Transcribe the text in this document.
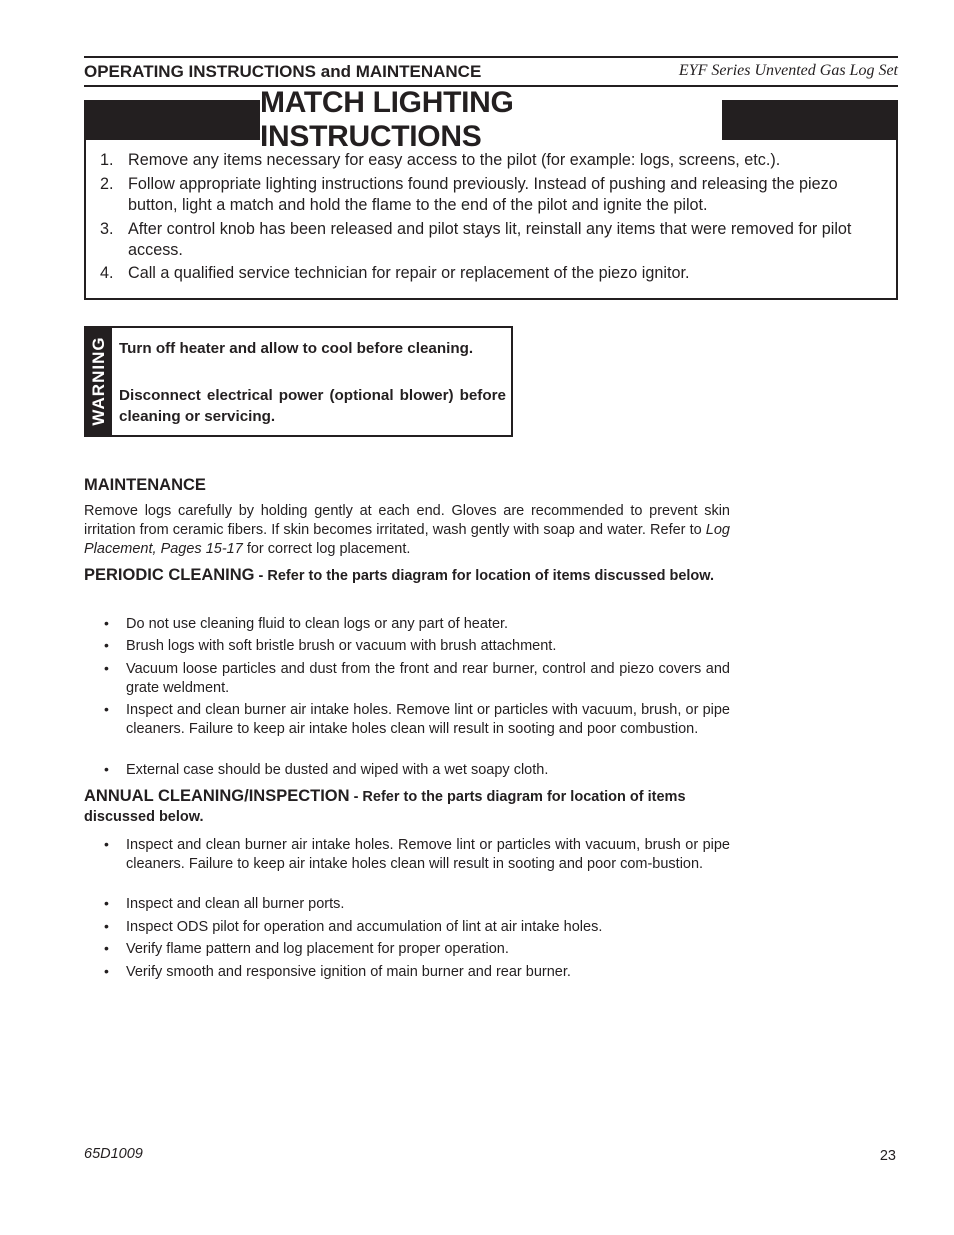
OPERATING INSTRUCTIONS and MAINTENANCE	EYF Series Unvented Gas Log Set
MATCH LIGHTING INSTRUCTIONS
1. Remove any items necessary for easy access to the pilot (for example: logs, screens, etc.).
2. Follow appropriate lighting instructions found previously. Instead of pushing and releasing the piezo button, light a match and hold the flame to the end of the pilot and ignite the pilot.
3. After control knob has been released and pilot stays lit, reinstall any items that were removed for pilot access.
4. Call a qualified service technician for repair or replacement of the piezo ignitor.
WARNING Turn off heater and allow to cool before cleaning.
Disconnect electrical power (optional blower) before cleaning or servicing.
MAINTENANCE
Remove logs carefully by holding gently at each end. Gloves are recommended to prevent skin irritation from ceramic fibers. If skin becomes irritated, wash gently with soap and water. Refer to Log Placement, Pages 15-17 for correct log placement.
PERIODIC CLEANING - Refer to the parts diagram for location of items discussed below.
• Do not use cleaning fluid to clean logs or any part of heater.
• Brush logs with soft bristle brush or vacuum with brush attachment.
• Vacuum loose particles and dust from the front and rear burner, control and piezo covers and grate weldment.
• Inspect and clean burner air intake holes. Remove lint or particles with vacuum, brush, or pipe cleaners. Failure to keep air intake holes clean will result in sooting and poor combustion.
• External case should be dusted and wiped with a wet soapy cloth.
ANNUAL CLEANING/INSPECTION - Refer to the parts diagram for location of items discussed below.
• Inspect and clean burner air intake holes. Remove lint or particles with vacuum, brush or pipe cleaners. Failure to keep air intake holes clean will result in sooting and poor com-bustion.
• Inspect and clean all burner ports.
• Inspect ODS pilot for operation and accumulation of lint at air intake holes.
• Verify flame pattern and log placement for proper operation.
• Verify smooth and responsive ignition of main burner and rear burner.
65D1009	23
